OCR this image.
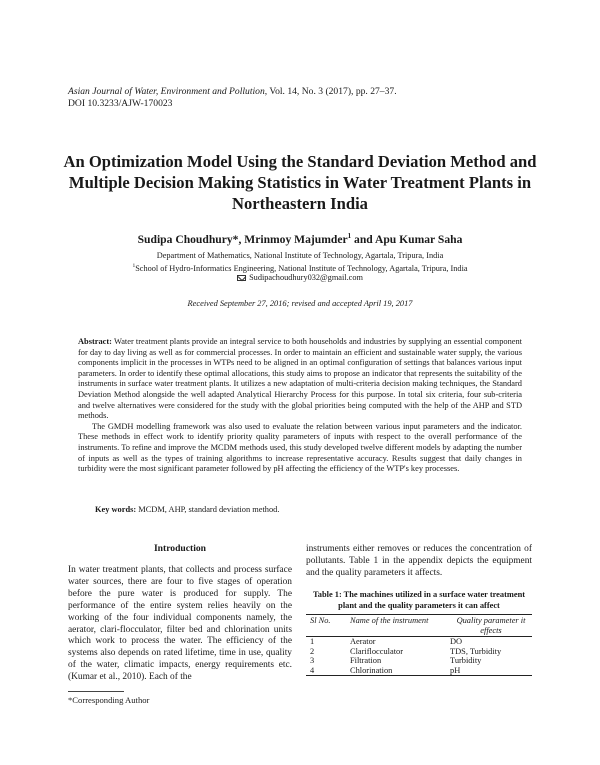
Asian Journal of Water, Environment and Pollution, Vol. 14, No. 3 (2017), pp. 27–37.
DOI 10.3233/AJW-170023
An Optimization Model Using the Standard Deviation Method and Multiple Decision Making Statistics in Water Treatment Plants in Northeastern India
Sudipa Choudhury*, Mrinmoy Majumder$^1$ and Apu Kumar Saha
Department of Mathematics, National Institute of Technology, Agartala, Tripura, India
$^1$School of Hydro-Informatics Engineering, National Institute of Technology, Agartala, Tripura, India
Sudipachoudhury032@gmail.com
Received September 27, 2016; revised and accepted April 19, 2017

Abstract: Water treatment plants provide an integral service to both households and industries by supplying an essential component for day to day living as well as for commercial processes. In order to maintain an efficient and sustainable water supply, the various components implicit in the processes in WTPs need to be aligned in an optimal configuration of settings that balances various input parameters. In order to identify these optimal allocations, this study aims to propose an indicator that represents the suitability of the instruments in surface water treatment plants. It utilizes a new adaptation of multi-criteria decision making techniques, the Standard Deviation Method alongside the well adapted Analytical Hierarchy Process for this purpose. In total six criteria, four sub-criteria and twelve alternatives were considered for the study with the global priorities being computed with the help of the AHP and STD methods.

The GMDH modelling framework was also used to evaluate the relation between various input parameters and the indicator. These methods in effect work to identify priority quality parameters of inputs with respect to the overall performance of the instruments. To refine and improve the MCDM methods used, this study developed twelve different models by adapting the number of inputs as well as the types of training algorithms to increase representative accuracy. Results suggest that daily changes in turbidity were the most significant parameter followed by pH affecting the efficiency of the WTP's key processes.

Key words: MCDM, AHP, standard deviation method.
Introduction
In water treatment plants, that collects and process surface water sources, there are four to five stages of operation before the pure water is produced for supply. The performance of the entire system relies heavily on the working of the four individual components namely, the aerator, clari-flocculator, filter bed and chlorination units which work to process the water. The efficiency of the systems also depends on rated lifetime, time in use, quality of the water, climatic impacts, energy requirements etc. (Kumar et al., 2010). Each of the
instruments either removes or reduces the concentration of pollutants. Table 1 in the appendix depicts the equipment and the quality parameters it affects.
Table 1: The machines utilized in a surface water treatment plant and the quality parameters it can affect
Sl No.	Name of the instrument	Quality parameter it effects
1	Aerator	DO
2	Clariflocculator	TDS, Turbidity
3	Filtration	Turbidity
4	Chlorination	pH
*Corresponding Author
